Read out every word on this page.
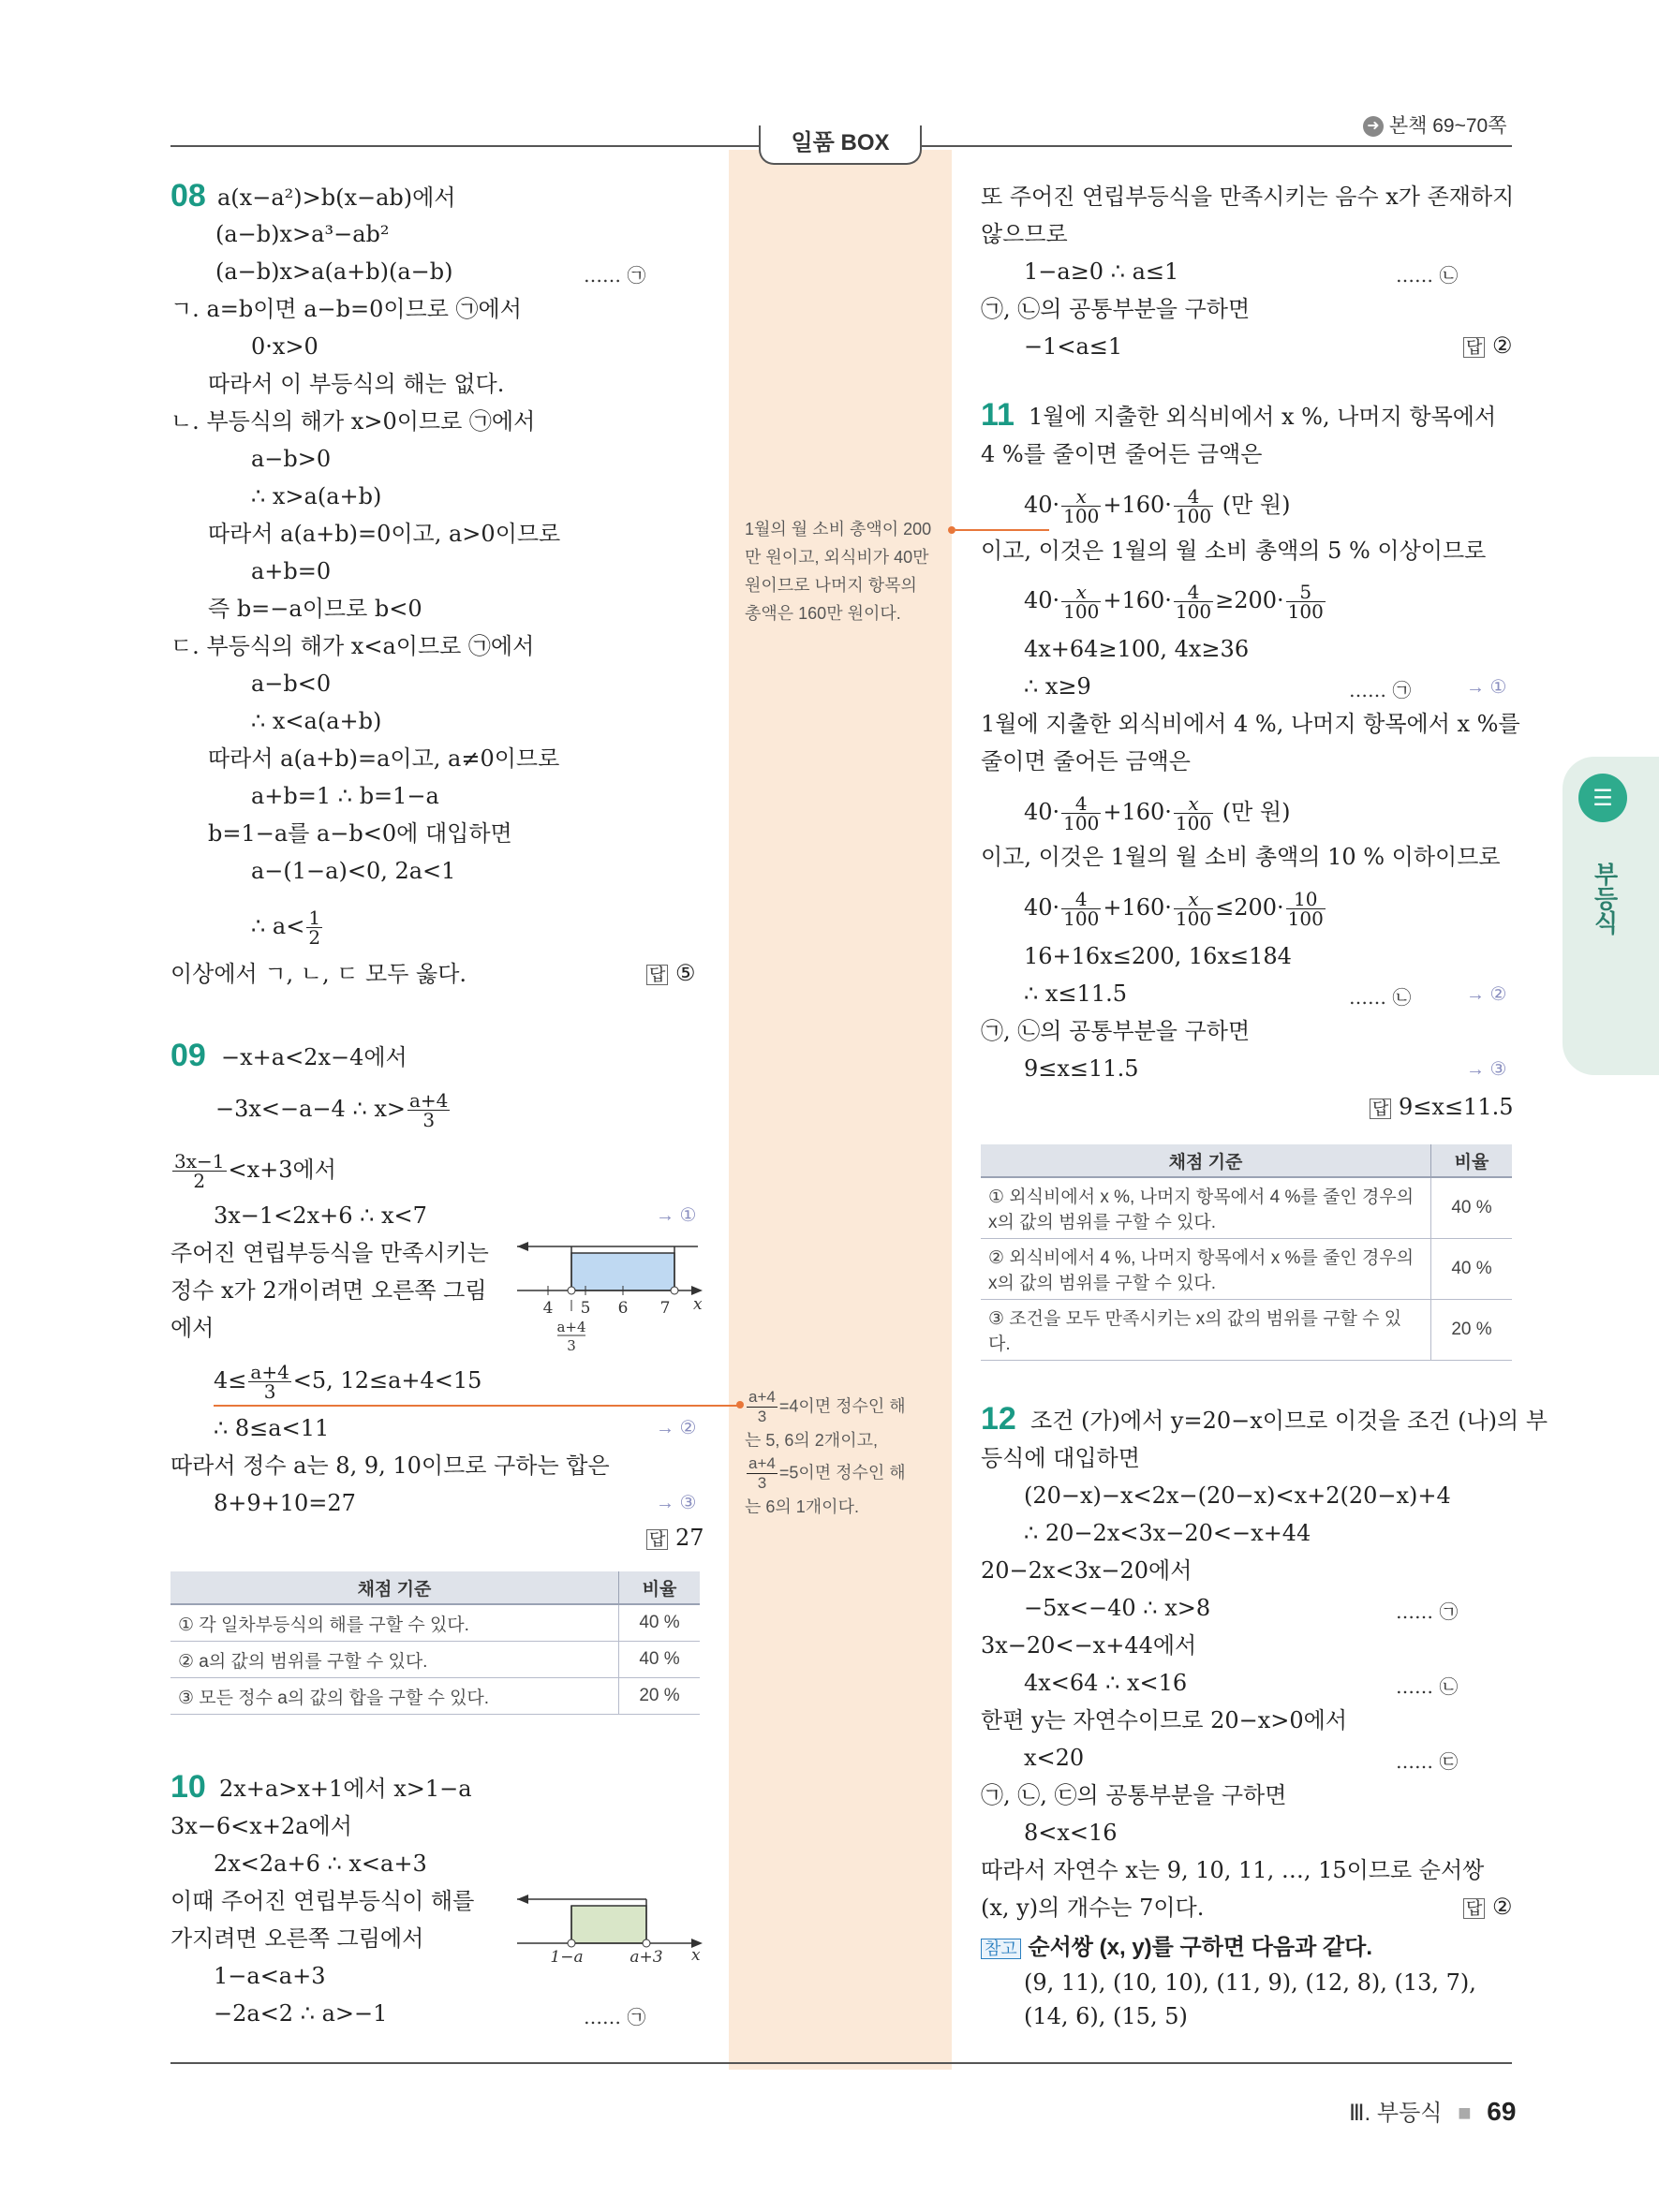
일품 BOX
➜ 본책 69~70쪽
☰
부등식
08 a(x−a²)>b(x−ab)에서
(a−b)x>a³−ab²
(a−b)x>a(a+b)(a−b)	…… ㉠
ㄱ. a=b이면 a−b=0이므로 ㉠에서
0·x>0
따라서 이 부등식의 해는 없다.
ㄴ. 부등식의 해가 x>0이므로 ㉠에서
a−b>0
∴ x>a(a+b)
따라서 a(a+b)=0이고, a>0이므로
a+b=0
즉 b=−a이므로 b<0
ㄷ. 부등식의 해가 x<a이므로 ㉠에서
a−b<0
∴ x<a(a+b)
따라서 a(a+b)=a이고, a≠0이므로
a+b=1 ∴ b=1−a
b=1−a를 a−b<0에 대입하면
a−(1−a)<0, 2a<1
∴ $a< \frac{1}{2}$
이상에서 ㄱ, ㄴ, ㄷ 모두 옳다.	답 ⑤
09 −x+a<2x−4에서
−3x<−a−4 ∴ $x> \frac{a+4}{3}$
$\frac{3x-1}{2} <x+3$에서
3x−1<2x+6 ∴ x<7	→ ①
주어진 연립부등식을 만족시키는
정수 x가 2개이려면 오른쪽 그림
에서
4 5 6 7 x
a+4
3
$4\le \frac{a+4}{3} <5$, 12≤a+4<15
∴ 8≤a<11	→ ②
따라서 정수 a는 8, 9, 10이므로 구하는 합은
8+9+10=27	→ ③
답 27
채점 기준	비율
① 각 일차부등식의 해를 구할 수 있다.	40 %
② a의 값의 범위를 구할 수 있다.	40 %
③ 모든 정수 a의 값의 합을 구할 수 있다.	20 %
10 2x+a>x+1에서 x>1−a
3x−6<x+2a에서
2x<2a+6 ∴ x<a+3
이때 주어진 연립부등식이 해를
가지려면 오른쪽 그림에서
1−a<a+3
−2a<2 ∴ a>−1	…… ㉠
1−a	a+3 x
1월의 월 소비 총액이 200
만 원이고, 외식비가 40만
원이므로 나머지 항목의
총액은 160만 원이다.
$\frac{a+4}{3} =4$이면 정수인 해
는 5, 6의 2개이고,
$\frac{a+4}{3} =5$이면 정수인 해
는 6의 1개이다.
또 주어진 연립부등식을 만족시키는 음수 x가 존재하지
않으므로
1−a≥0 ∴ a≤1	…… ㉡
㉠, ㉡의 공통부분을 구하면
−1<a≤1	답 ②
11 1월에 지출한 외식비에서 x %, 나머지 항목에서
4 %를 줄이면 줄어든 금액은
$40\cdot \frac{x}{100} +160\cdot \frac{4}{100}$ (만 원)
이고, 이것은 1월의 월 소비 총액의 5 % 이상이므로
$40\cdot \frac{x}{100} +160\cdot \frac{4}{100} \ge 200\cdot \frac{5}{100}$
4x+64≥100, 4x≥36
∴ x≥9	…… ㉠	→ ①
1월에 지출한 외식비에서 4 %, 나머지 항목에서 x %를
줄이면 줄어든 금액은
$40\cdot \frac{4}{100} +160\cdot \frac{x}{100}$ (만 원)
이고, 이것은 1월의 월 소비 총액의 10 % 이하이므로
$40\cdot \frac{4}{100} +160\cdot \frac{x}{100} \le 200\cdot \frac{10}{100}$
16+16x≤200, 16x≤184
∴ x≤11.5	…… ㉡	→ ②
㉠, ㉡의 공통부분을 구하면
9≤x≤11.5	→ ③
답 9≤x≤11.5
채점 기준	비율
① 외식비에서 x %, 나머지 항목에서 4 %를 줄인 경우의 x의 값의 범위를 구할 수 있다.	40 %
② 외식비에서 4 %, 나머지 항목에서 x %를 줄인 경우의 x의 값의 범위를 구할 수 있다.	40 %
③ 조건을 모두 만족시키는 x의 값의 범위를 구할 수 있다.	20 %
12 조건 (가)에서 y=20−x이므로 이것을 조건 (나)의 부
등식에 대입하면
(20−x)−x<2x−(20−x)<x+2(20−x)+4
∴ 20−2x<3x−20<−x+44
20−2x<3x−20에서
−5x<−40 ∴ x>8	…… ㉠
3x−20<−x+44에서
4x<64 ∴ x<16	…… ㉡
한편 y는 자연수이므로 20−x>0에서
x<20	…… ㉢
㉠, ㉡, ㉢의 공통부분을 구하면
8<x<16
따라서 자연수 x는 9, 10, 11, …, 15이므로 순서쌍
(x, y)의 개수는 7이다.	답 ②
참고 순서쌍 (x, y)를 구하면 다음과 같다.
(9, 11), (10, 10), (11, 9), (12, 8), (13, 7),
(14, 6), (15, 5)
Ⅲ. 부등식 ■ 69
